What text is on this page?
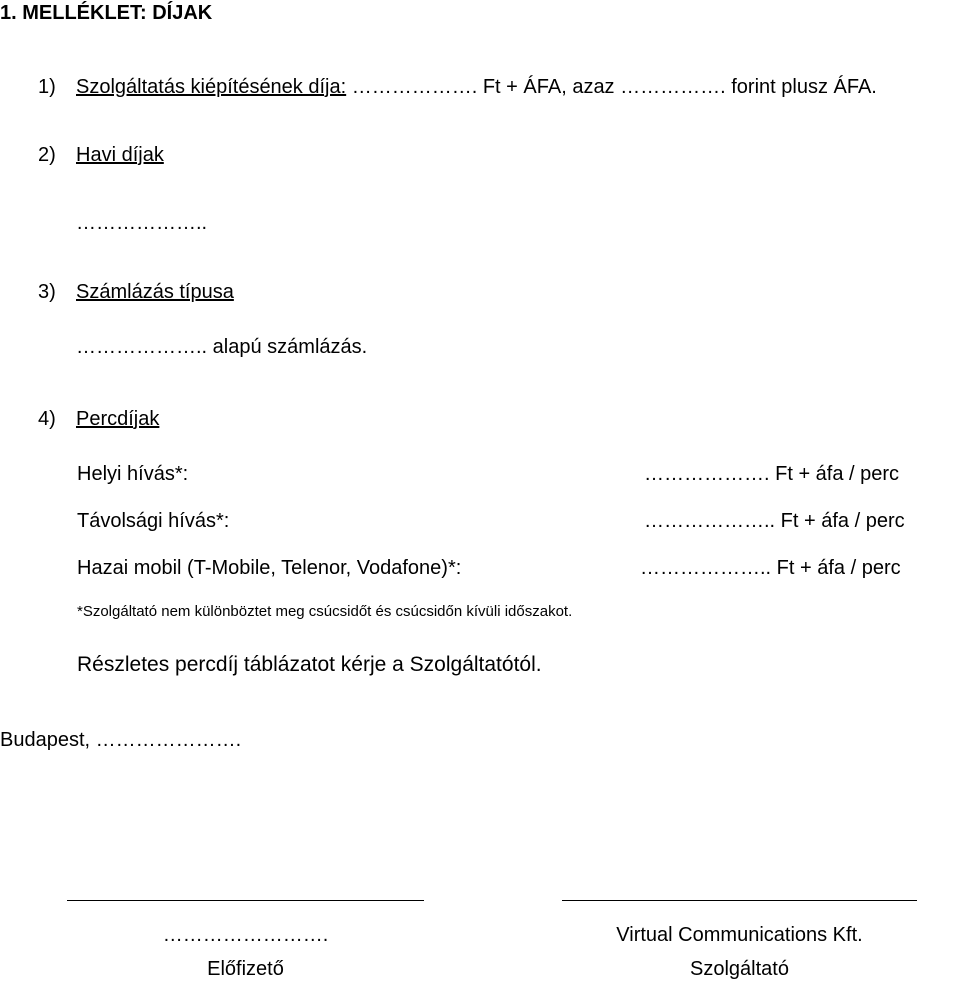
1. MELLÉKLET: DÍJAK
1) Szolgáltatás kiépítésének díja: ………………. Ft + ÁFA, azaz ……………. forint plusz ÁFA.
2) Havi díjak
………………..
3) Számlázás típusa
……………….. alapú számlázás.
4) Percdíjak
Helyi hívás*:	………………. Ft + áfa / perc
Távolsági hívás*:	……………….. Ft + áfa / perc
Hazai mobil (T-Mobile, Telenor, Vodafone)*:	……………….. Ft + áfa / perc
*Szolgáltató nem különböztet meg csúcsidőt és csúcsidőn kívüli időszakot.
Részletes percdíj táblázatot kérje a Szolgáltatótól.
Budapest, ………………….
…………………….
Előfizető
Virtual Communications Kft.
Szolgáltató
